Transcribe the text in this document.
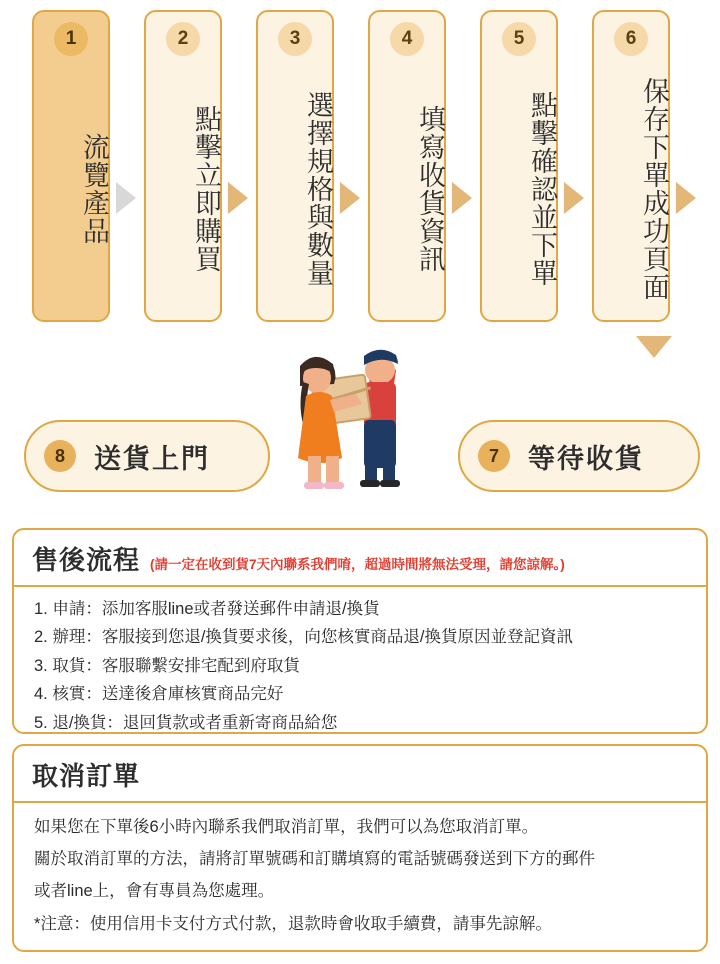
1
流覽產品
2
點擊立即購買
3
選擇規格與數量
4
填寫收貨資訊
5
點擊確認並下單
6
保存下單成功頁面
8	送貨上門	7	等待收貨
售後流程 (請一定在收到貨7天內聯系我們唷，超過時間將無法受理，請您諒解。)
1. 申請：添加客服line或者發送郵件申請退/換貨
2. 辦理：客服接到您退/換貨要求後，向您核實商品退/換貨原因並登記資訊
3. 取貨：客服聯繫安排宅配到府取貨
4. 核實：送達後倉庫核實商品完好
5. 退/換貨：退回貨款或者重新寄商品給您
取消訂單
如果您在下單後6小時內聯系我們取消訂單，我們可以為您取消訂單。
關於取消訂單的方法，請將訂單號碼和訂購填寫的電話號碼發送到下方的郵件
或者line上，會有專員為您處理。
*注意：使用信用卡支付方式付款，退款時會收取手續費，請事先諒解。
